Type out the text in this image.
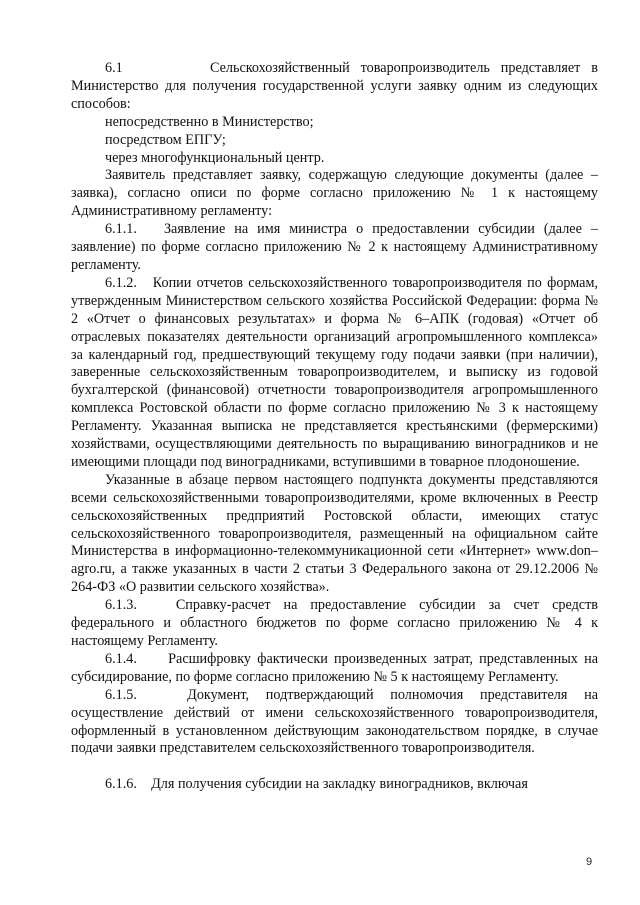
6.1        Сельскохозяйственный товаропроизводитель представляет в Министерство для получения государственной услуги заявку одним из следующих способов:

непосредственно в Министерство;

посредством ЕПГУ;

через многофункциональный центр.

Заявитель представляет заявку, содержащую следующие документы (далее – заявка), согласно описи по форме согласно приложению № 1 к настоящему Административному регламенту:

6.1.1.   Заявление на имя министра о предоставлении субсидии (далее – заявление) по форме согласно приложению № 2 к настоящему Административному регламенту.

6.1.2.   Копии отчетов сельскохозяйственного товаропроизводителя по формам, утвержденным Министерством сельского хозяйства Российской Федерации: форма № 2 «Отчет о финансовых результатах» и форма № 6–АПК (годовая) «Отчет об отраслевых показателях деятельности организаций агропромышленного комплекса» за календарный год, предшествующий текущему году подачи заявки (при наличии), заверенные сельскохозяйственным товаропроизводителем, и выписку из годовой бухгалтерской (финансовой) отчетности товаропроизводителя агропромышленного комплекса Ростовской области по форме согласно приложению № 3 к настоящему Регламенту. Указанная выписка не представляется крестьянскими (фермерскими) хозяйствами, осуществляющими деятельность по выращиванию виноградников и не имеющими площади под виноградниками, вступившими в товарное плодоношение.

Указанные в абзаце первом настоящего подпункта документы представляются всеми сельскохозяйственными товаропроизводителями, кроме включенных в Реестр сельскохозяйственных предприятий Ростовской области, имеющих статус сельскохозяйственного товаропроизводителя, размещенный на официальном сайте Министерства в информационно-телекоммуникационной сети «Интернет» www.don–agro.ru, а также указанных в части 2 статьи 3 Федерального закона от 29.12.2006 № 264-ФЗ «О развитии сельского хозяйства».

6.1.3.   Справку-расчет на предоставление субсидии за счет средств федерального и областного бюджетов по форме согласно приложению № 4 к настоящему Регламенту.

6.1.4.     Расшифровку фактически произведенных затрат, представленных на субсидирование, по форме согласно приложению № 5 к настоящему Регламенту.

6.1.5.   Документ, подтверждающий полномочия представителя на осуществление действий от имени сельскохозяйственного товаропроизводителя, оформленный в установленном действующим законодательством порядке, в случае подачи заявки представителем сельскохозяйственного товаропроизводителя.

6.1.6.    Для получения субсидии на закладку виноградников, включая

9
